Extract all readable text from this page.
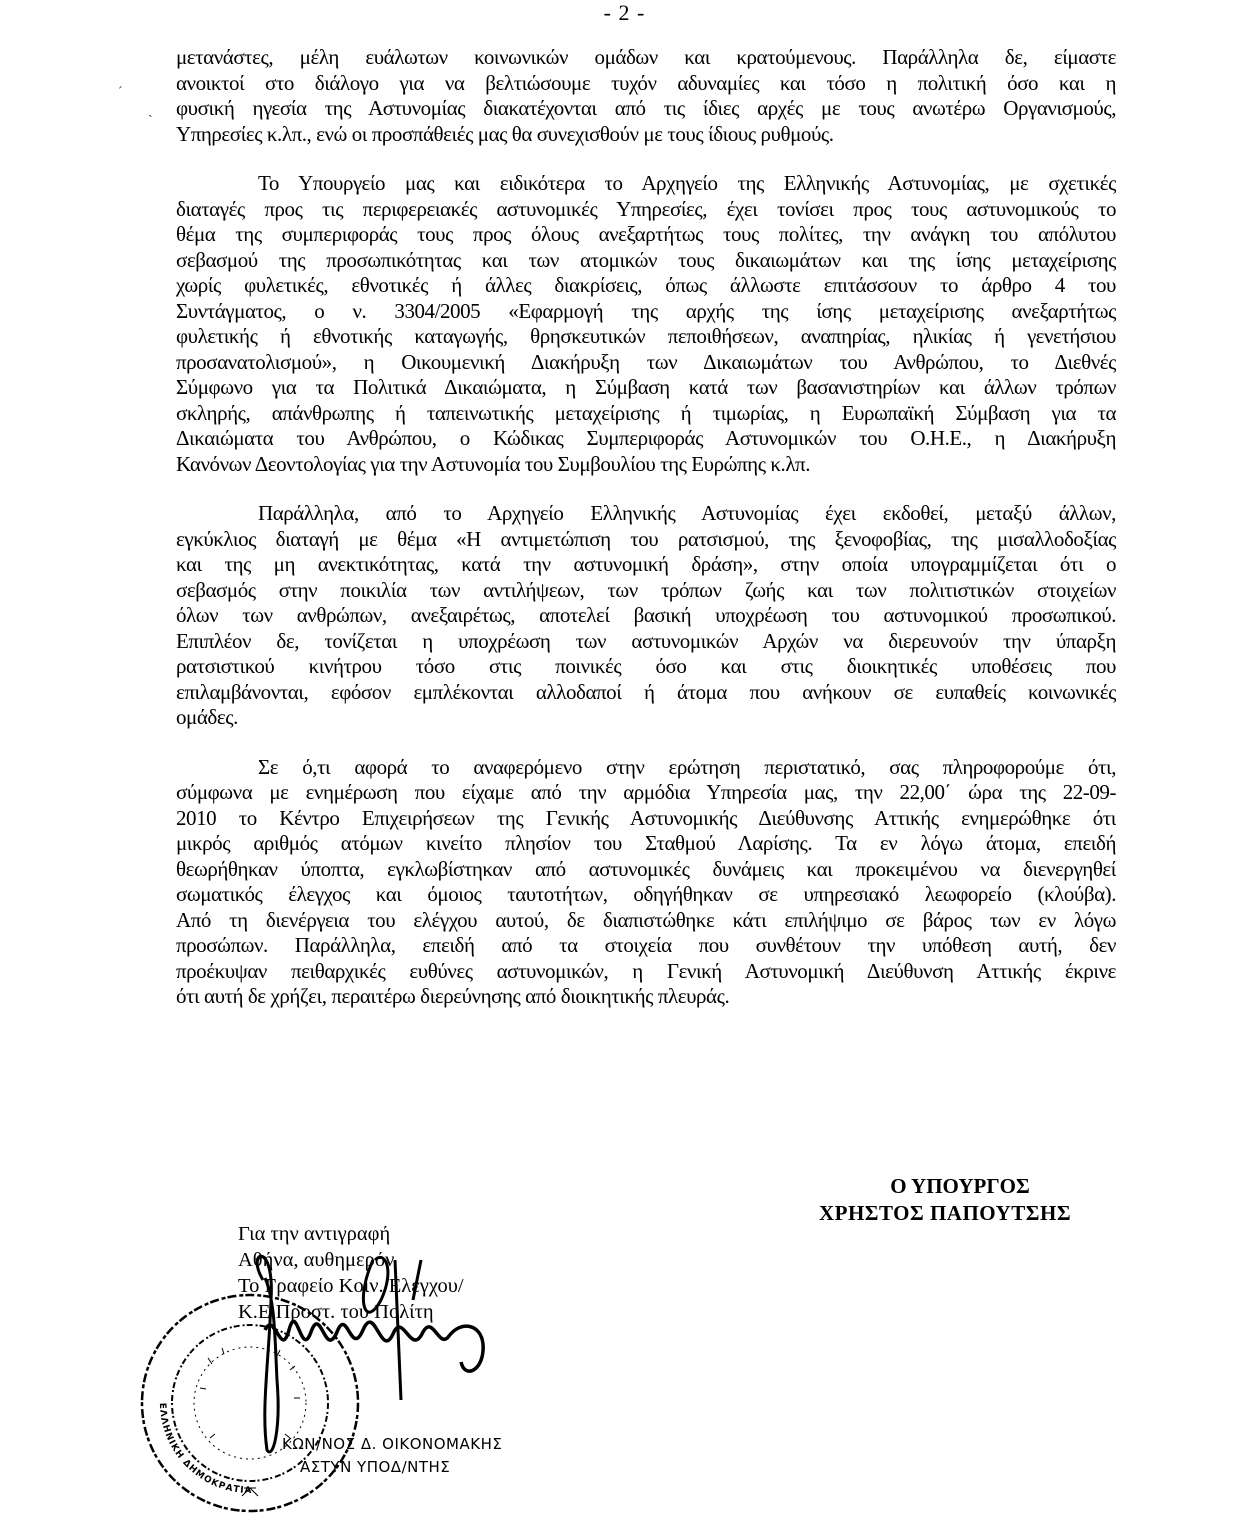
- 2 -
ˊ
ˎ
μετανάστες, μέλη ευάλωτων κοινωνικών ομάδων και κρατούμενους. Παράλληλα δε, είμαστε
ανοικτοί στο διάλογο για να βελτιώσουμε τυχόν αδυναμίες και τόσο η πολιτική όσο και η
φυσική ηγεσία της Αστυνομίας διακατέχονται από τις ίδιες αρχές με τους ανωτέρω Οργανισμούς,
Υπηρεσίες κ.λπ., ενώ οι προσπάθειές μας θα συνεχισθούν με τους ίδιους ρυθμούς.
Το Υπουργείο μας και ειδικότερα το Αρχηγείο της Ελληνικής Αστυνομίας, με σχετικές
διαταγές προς τις περιφερειακές αστυνομικές Υπηρεσίες, έχει τονίσει προς τους αστυνομικούς το
θέμα της συμπεριφοράς τους προς όλους ανεξαρτήτως τους πολίτες, την ανάγκη του απόλυτου
σεβασμού της προσωπικότητας και των ατομικών τους δικαιωμάτων και της ίσης μεταχείρισης
χωρίς φυλετικές, εθνοτικές ή άλλες διακρίσεις, όπως άλλωστε επιτάσσουν το άρθρο 4 του
Συντάγματος, ο ν. 3304/2005 «Εφαρμογή της αρχής της ίσης μεταχείρισης ανεξαρτήτως
φυλετικής ή εθνοτικής καταγωγής, θρησκευτικών πεποιθήσεων, αναπηρίας, ηλικίας ή γενετήσιου
προσανατολισμού», η Οικουμενική Διακήρυξη των Δικαιωμάτων του Ανθρώπου, το Διεθνές
Σύμφωνο για τα Πολιτικά Δικαιώματα, η Σύμβαση κατά των βασανιστηρίων και άλλων τρόπων
σκληρής, απάνθρωπης ή ταπεινωτικής μεταχείρισης ή τιμωρίας, η Ευρωπαϊκή Σύμβαση για τα
Δικαιώματα του Ανθρώπου, ο Κώδικας Συμπεριφοράς Αστυνομικών του Ο.Η.Ε., η Διακήρυξη
Κανόνων Δεοντολογίας για την Αστυνομία του Συμβουλίου της Ευρώπης κ.λπ.
Παράλληλα, από το Αρχηγείο Ελληνικής Αστυνομίας έχει εκδοθεί, μεταξύ άλλων,
εγκύκλιος διαταγή με θέμα «Η αντιμετώπιση του ρατσισμού, της ξενοφοβίας, της μισαλλοδοξίας
και της μη ανεκτικότητας, κατά την αστυνομική δράση», στην οποία υπογραμμίζεται ότι ο
σεβασμός στην ποικιλία των αντιλήψεων, των τρόπων ζωής και των πολιτιστικών στοιχείων
όλων των ανθρώπων, ανεξαιρέτως, αποτελεί βασική υποχρέωση του αστυνομικού προσωπικού.
Επιπλέον δε, τονίζεται η υποχρέωση των αστυνομικών Αρχών να διερευνούν την ύπαρξη
ρατσιστικού κινήτρου τόσο στις ποινικές όσο και στις διοικητικές υποθέσεις που
επιλαμβάνονται, εφόσον εμπλέκονται αλλοδαποί ή άτομα που ανήκουν σε ευπαθείς κοινωνικές
ομάδες.
Σε ό,τι αφορά το αναφερόμενο στην ερώτηση περιστατικό, σας πληροφορούμε ότι,
σύμφωνα με ενημέρωση που είχαμε από την αρμόδια Υπηρεσία μας, την 22,00΄ ώρα της 22-09-
2010 το Κέντρο Επιχειρήσεων της Γενικής Αστυνομικής Διεύθυνσης Αττικής ενημερώθηκε ότι
μικρός αριθμός ατόμων κινείτο πλησίον του Σταθμού Λαρίσης. Τα εν λόγω άτομα, επειδή
θεωρήθηκαν ύποπτα, εγκλωβίστηκαν από αστυνομικές δυνάμεις και προκειμένου να διενεργηθεί
σωματικός έλεγχος και όμοιος ταυτοτήτων, οδηγήθηκαν σε υπηρεσιακό λεωφορείο (κλούβα).
Από τη διενέργεια του ελέγχου αυτού, δε διαπιστώθηκε κάτι επιλήψιμο σε βάρος των εν λόγω
προσώπων. Παράλληλα, επειδή από τα στοιχεία που συνθέτουν την υπόθεση αυτή, δεν
προέκυψαν πειθαρχικές ευθύνες αστυνομικών, η Γενική Αστυνομική Διεύθυνση Αττικής έκρινε
ότι αυτή δε χρήζει, περαιτέρω διερεύνησης από διοικητικής πλευράς.
Ο ΥΠΟΥΡΓΟΣ
ΧΡΗΣΤΟΣ ΠΑΠΟΥΤΣΗΣ
ΕΛΛΗΝΙΚΗ ΔΗΜΟΚΡΑΤΙΑ
Για την αντιγραφή
Αθήνα, αυθημερόν
Το Γραφείο Κοιν. Ελέγχου/
Κ.Ε.Προστ. του Πολίτη
ΚΩΝ/ΝΟΣ Δ. ΟΙΚΟΝΟΜΑΚΗΣ
ΑΣΤΥΝ ΥΠΟΔ/ΝΤΗΣ
